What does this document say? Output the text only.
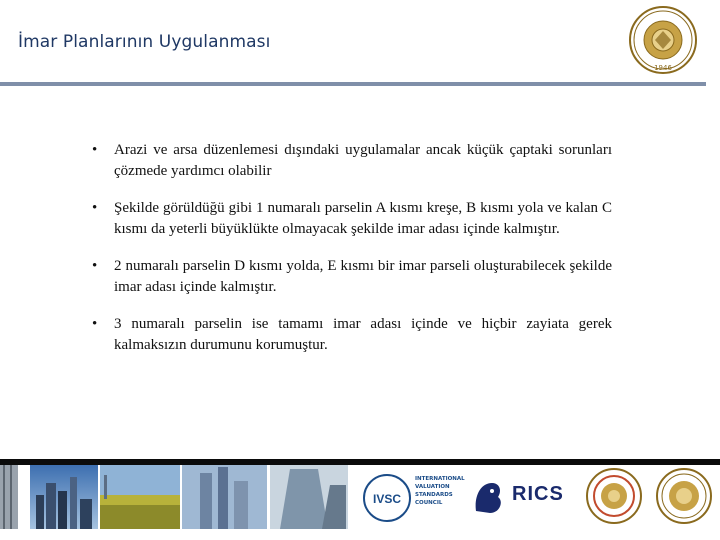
İmar Planlarının Uygulanması
1946
• Arazi ve arsa düzenlemesi dışındaki uygulamalar ancak küçük çaptaki sorunları çözmede yardımcı olabilir
• Şekilde görüldüğü gibi 1 numaralı parselin A kısmı kreşe, B kısmı yola ve kalan C kısmı da yeterli büyüklükte olmayacak şekilde imar adası içinde kalmıştır.
• 2 numaralı parselin D kısmı yolda, E kısmı bir imar parseli oluşturabilecek şekilde imar adası içinde kalmıştır.
• 3 numaralı parselin ise tamamı imar adası içinde ve hiçbir zayiata gerek kalmaksızın durumunu korumuştur.
IVSC
INTERNATIONAL
VALUATION
STANDARDS
COUNCIL	RICS
